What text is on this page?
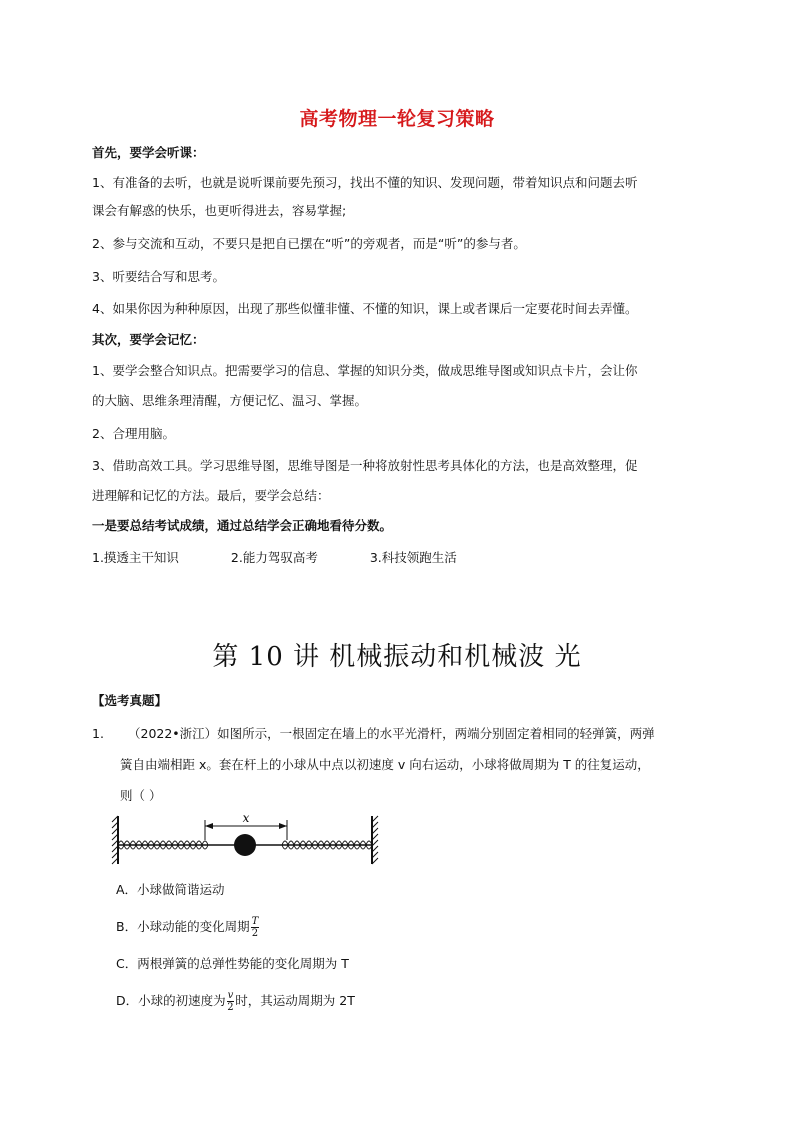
高考物理一轮复习策略
首先，要学会听课：
1、有准备的去听，也就是说听课前要先预习，找出不懂的知识、发现问题，带着知识点和问题去听
课会有解惑的快乐，也更听得进去，容易掌握;
2、参与交流和互动，不要只是把自已摆在“听”的旁观者，而是“听”的参与者。
3、听要结合写和思考。
4、如果你因为种种原因，出现了那些似懂非懂、不懂的知识，课上或者课后一定要花时间去弄懂。
其次，要学会记忆：
1、要学会整合知识点。把需要学习的信息、掌握的知识分类，做成思维导图或知识点卡片，会让你
的大脑、思维条理清醒，方便记忆、温习、掌握。
2、合理用脑。
3、借助高效工具。学习思维导图，思维导图是一种将放射性思考具体化的方法，也是高效整理，促
进理解和记忆的方法。最后，要学会总结：
一是要总结考试成绩，通过总结学会正确地看待分数。
1.摸透主干知识	2.能力驾驭高考	3.科技领跑生活
第 10 讲 机械振动和机械波 光
【选考真题】
1. （2022•浙江）如图所示，一根固定在墙上的水平光滑杆，两端分别固定着相同的轻弹簧，两弹
簧自由端相距 x。套在杆上的小球从中点以初速度 v 向右运动，小球将做周期为 T 的往复运动，
则（ ）
x
A．小球做简谐运动
B．小球动能的变化周期 $\frac{T}{2}$
C．两根弹簧的总弹性势能的变化周期为 T
D．小球的初速度为 $\frac{v}{2}$ 时，其运动周期为 2T
